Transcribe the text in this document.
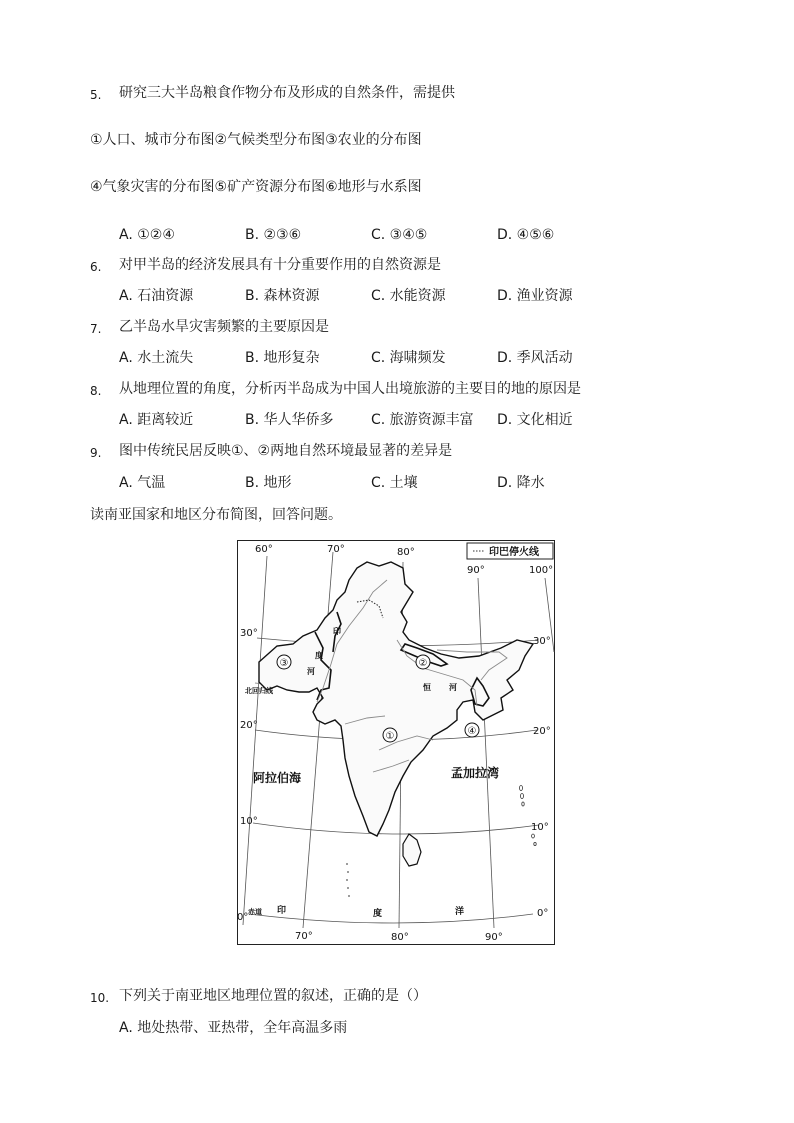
5. 研究三大半岛粮食作物分布及形成的自然条件，需提供
①人口、城市分布图②气候类型分布图③农业的分布图
④气象灾害的分布图⑤矿产资源分布图⑥地形与水系图
A. ①②④	B. ②③⑥	C. ③④⑤	D. ④⑤⑥
6. 对甲半岛的经济发展具有十分重要作用的自然资源是
A. 石油资源	B. 森林资源	C. 水能资源	D. 渔业资源
7. 乙半岛水旱灾害频繁的主要原因是
A. 水土流失	B. 地形复杂	C. 海啸频发	D. 季风活动
8. 从地理位置的角度，分析丙半岛成为中国人出境旅游的主要目的地的原因是
A. 距离较近	B. 华人华侨多	C. 旅游资源丰富 D. 文化相近
9. 图中传统民居反映①、②两地自然环境最显著的差异是
A. 气温	B. 地形	C. 土壤	D. 降水
读南亚国家和地区分布简图，回答问题。
印巴停火线
①
②
③
④
60°	70°	80°
90°	100°
70°	80°	90°
30°
20°
10°
0°
30°
20°
10°
0°
北回归线
赤道
印
度
河
恒 河
阿拉伯海	孟加拉湾
印	度	洋
10. 下列关于南亚地区地理位置的叙述，正确的是（）
A. 地处热带、亚热带，全年高温多雨
